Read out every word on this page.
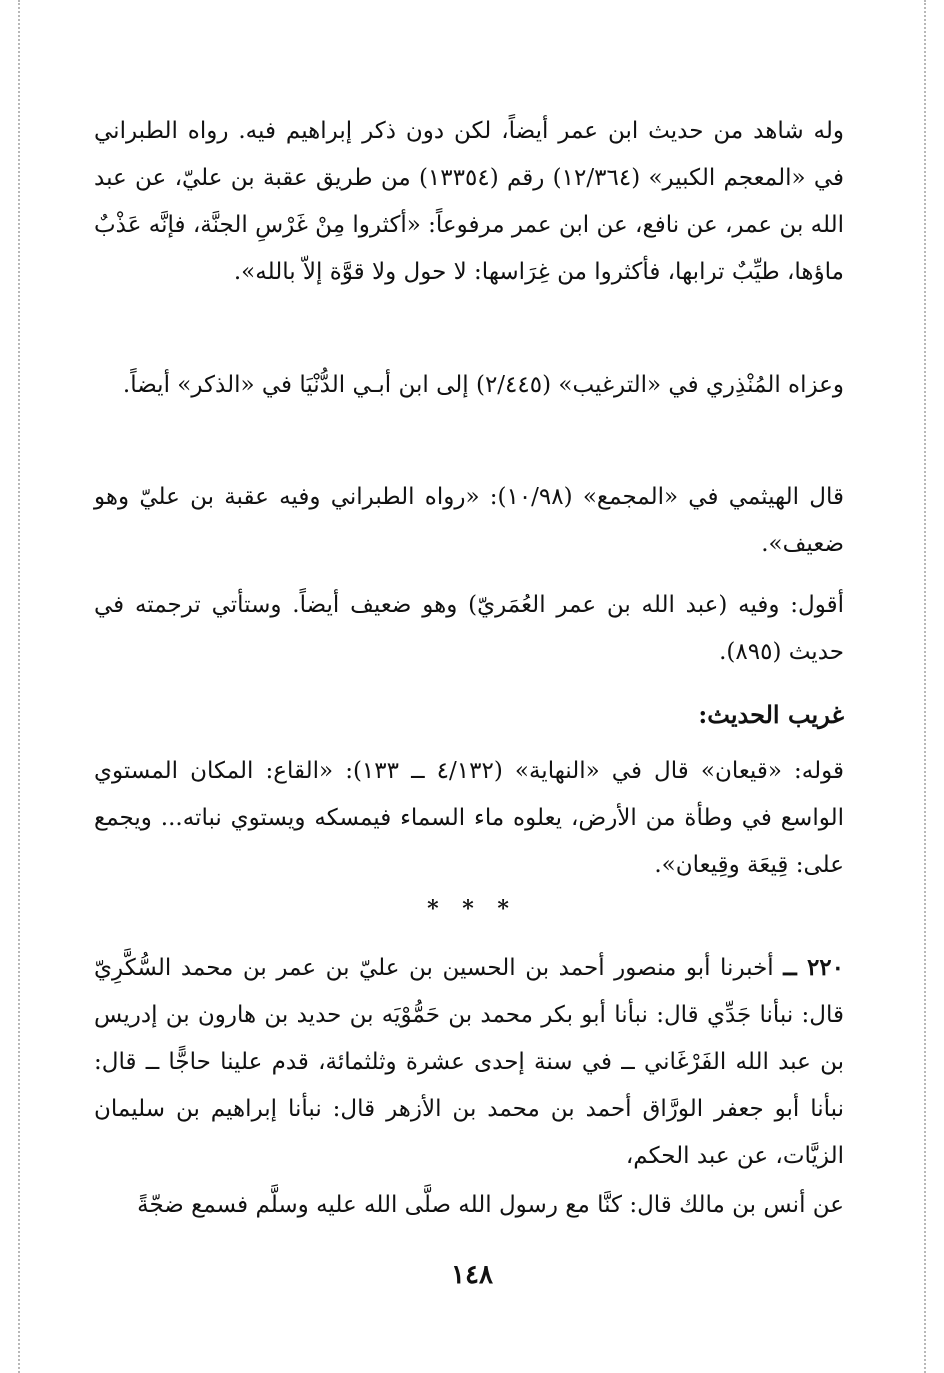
وله شاهد من حديث ابن عمر أيضاً، لكن دون ذكر إبراهيم فيه. رواه الطبراني في «المعجم الكبير» (١٢/٣٦٤) رقم (١٣٣٥٤) من طريق عقبة بن عليّ، عن عبد الله بن عمر، عن نافع، عن ابن عمر مرفوعاً: «أكثروا مِنْ غَرْسِ الجنَّة، فإنَّه عَذْبٌ ماؤها، طيِّبٌ ترابها، فأكثروا من غِرَاسها: لا حول ولا قوَّة إلاّ بالله».
وعزاه المُنْذِري في «الترغيب» (٢/٤٤٥) إلى ابن أبـي الدُّنْيَا في «الذكر» أيضاً.
قال الهيثمي في «المجمع» (١٠/٩٨): «رواه الطبراني وفيه عقبة بن عليّ وهو ضعيف».
أقول: وفيه (عبد الله بن عمر العُمَريّ) وهو ضعيف أيضاً. وستأتي ترجمته في حديث (٨٩٥).
غريب الحديث:
قوله: «قيعان» قال في «النهاية» (٤/١٣٢ ــ ١٣٣): «القاع: المكان المستوي الواسع في وطأة من الأرض، يعلوه ماء السماء فيمسكه ويستوي نباته... ويجمع على: قِيعَة وقِيعان».
* * *
٢٢٠ ــ أخبرنا أبو منصور أحمد بن الحسين بن عليّ بن عمر بن محمد السُّكَّرِيّ قال: نبأنا جَدِّي قال: نبأنا أبو بكر محمد بن حَمُّوْيَه بن حديد بن هارون بن إدريس بن عبد الله الفَرْغَاني ــ في سنة إحدى عشرة وثلثمائة، قدم علينا حاجًّا ــ قال: نبأنا أبو جعفر الورَّاق أحمد بن محمد بن الأزهر قال: نبأنا إبراهيم بن سليمان الزيَّات، عن عبد الحكم،
عن أنس بن مالك قال: كنَّا مع رسول الله صلَّى الله عليه وسلَّم فسمع ضجّةً
١٤٨
